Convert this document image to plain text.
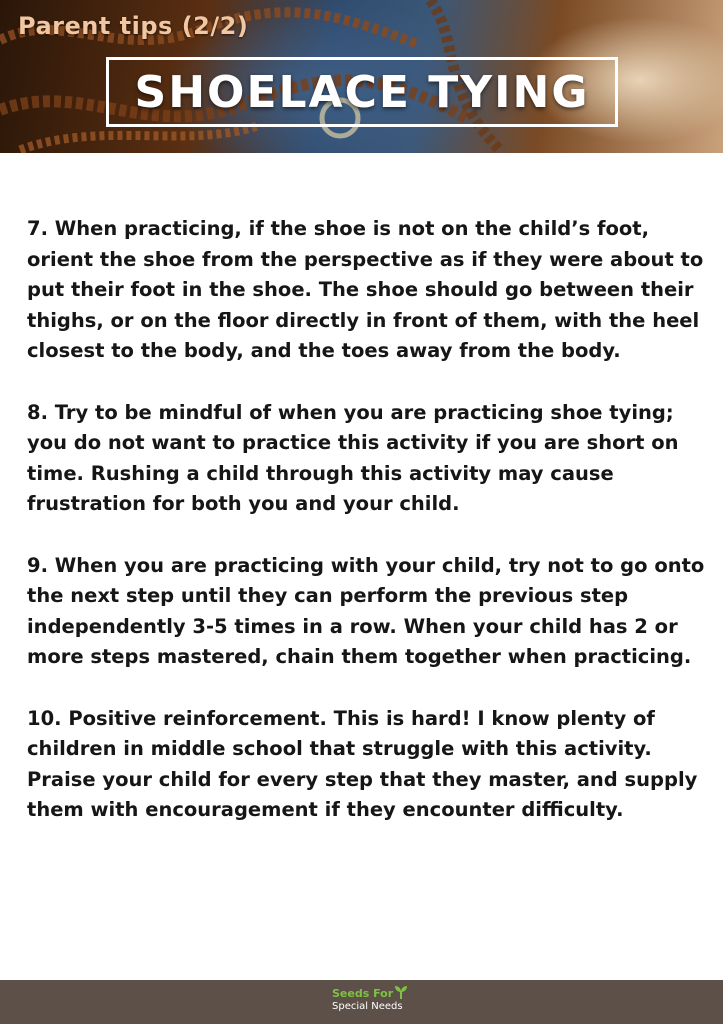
Parent tips (2/2)
SHOELACE TYING

7. When practicing, if the shoe is not on the child’s foot, orient the shoe from the perspective as if they were about to put their foot in the shoe. The shoe should go between their thighs, or on the floor directly in front of them, with the heel closest to the body, and the toes away from the body.

8. Try to be mindful of when you are practicing shoe tying; you do not want to practice this activity if you are short on time. Rushing a child through this activity may cause frustration for both you and your child.

9. When you are practicing with your child, try not to go onto the next step until they can perform the previous step independently 3-5 times in a row. When your child has 2 or more steps mastered, chain them together when practicing.

10. Positive reinforcement. This is hard! I know plenty of children in middle school that struggle with this activity. Praise your child for every step that they master, and supply them with encouragement if they encounter difficulty.

Seeds For
Special Needs
